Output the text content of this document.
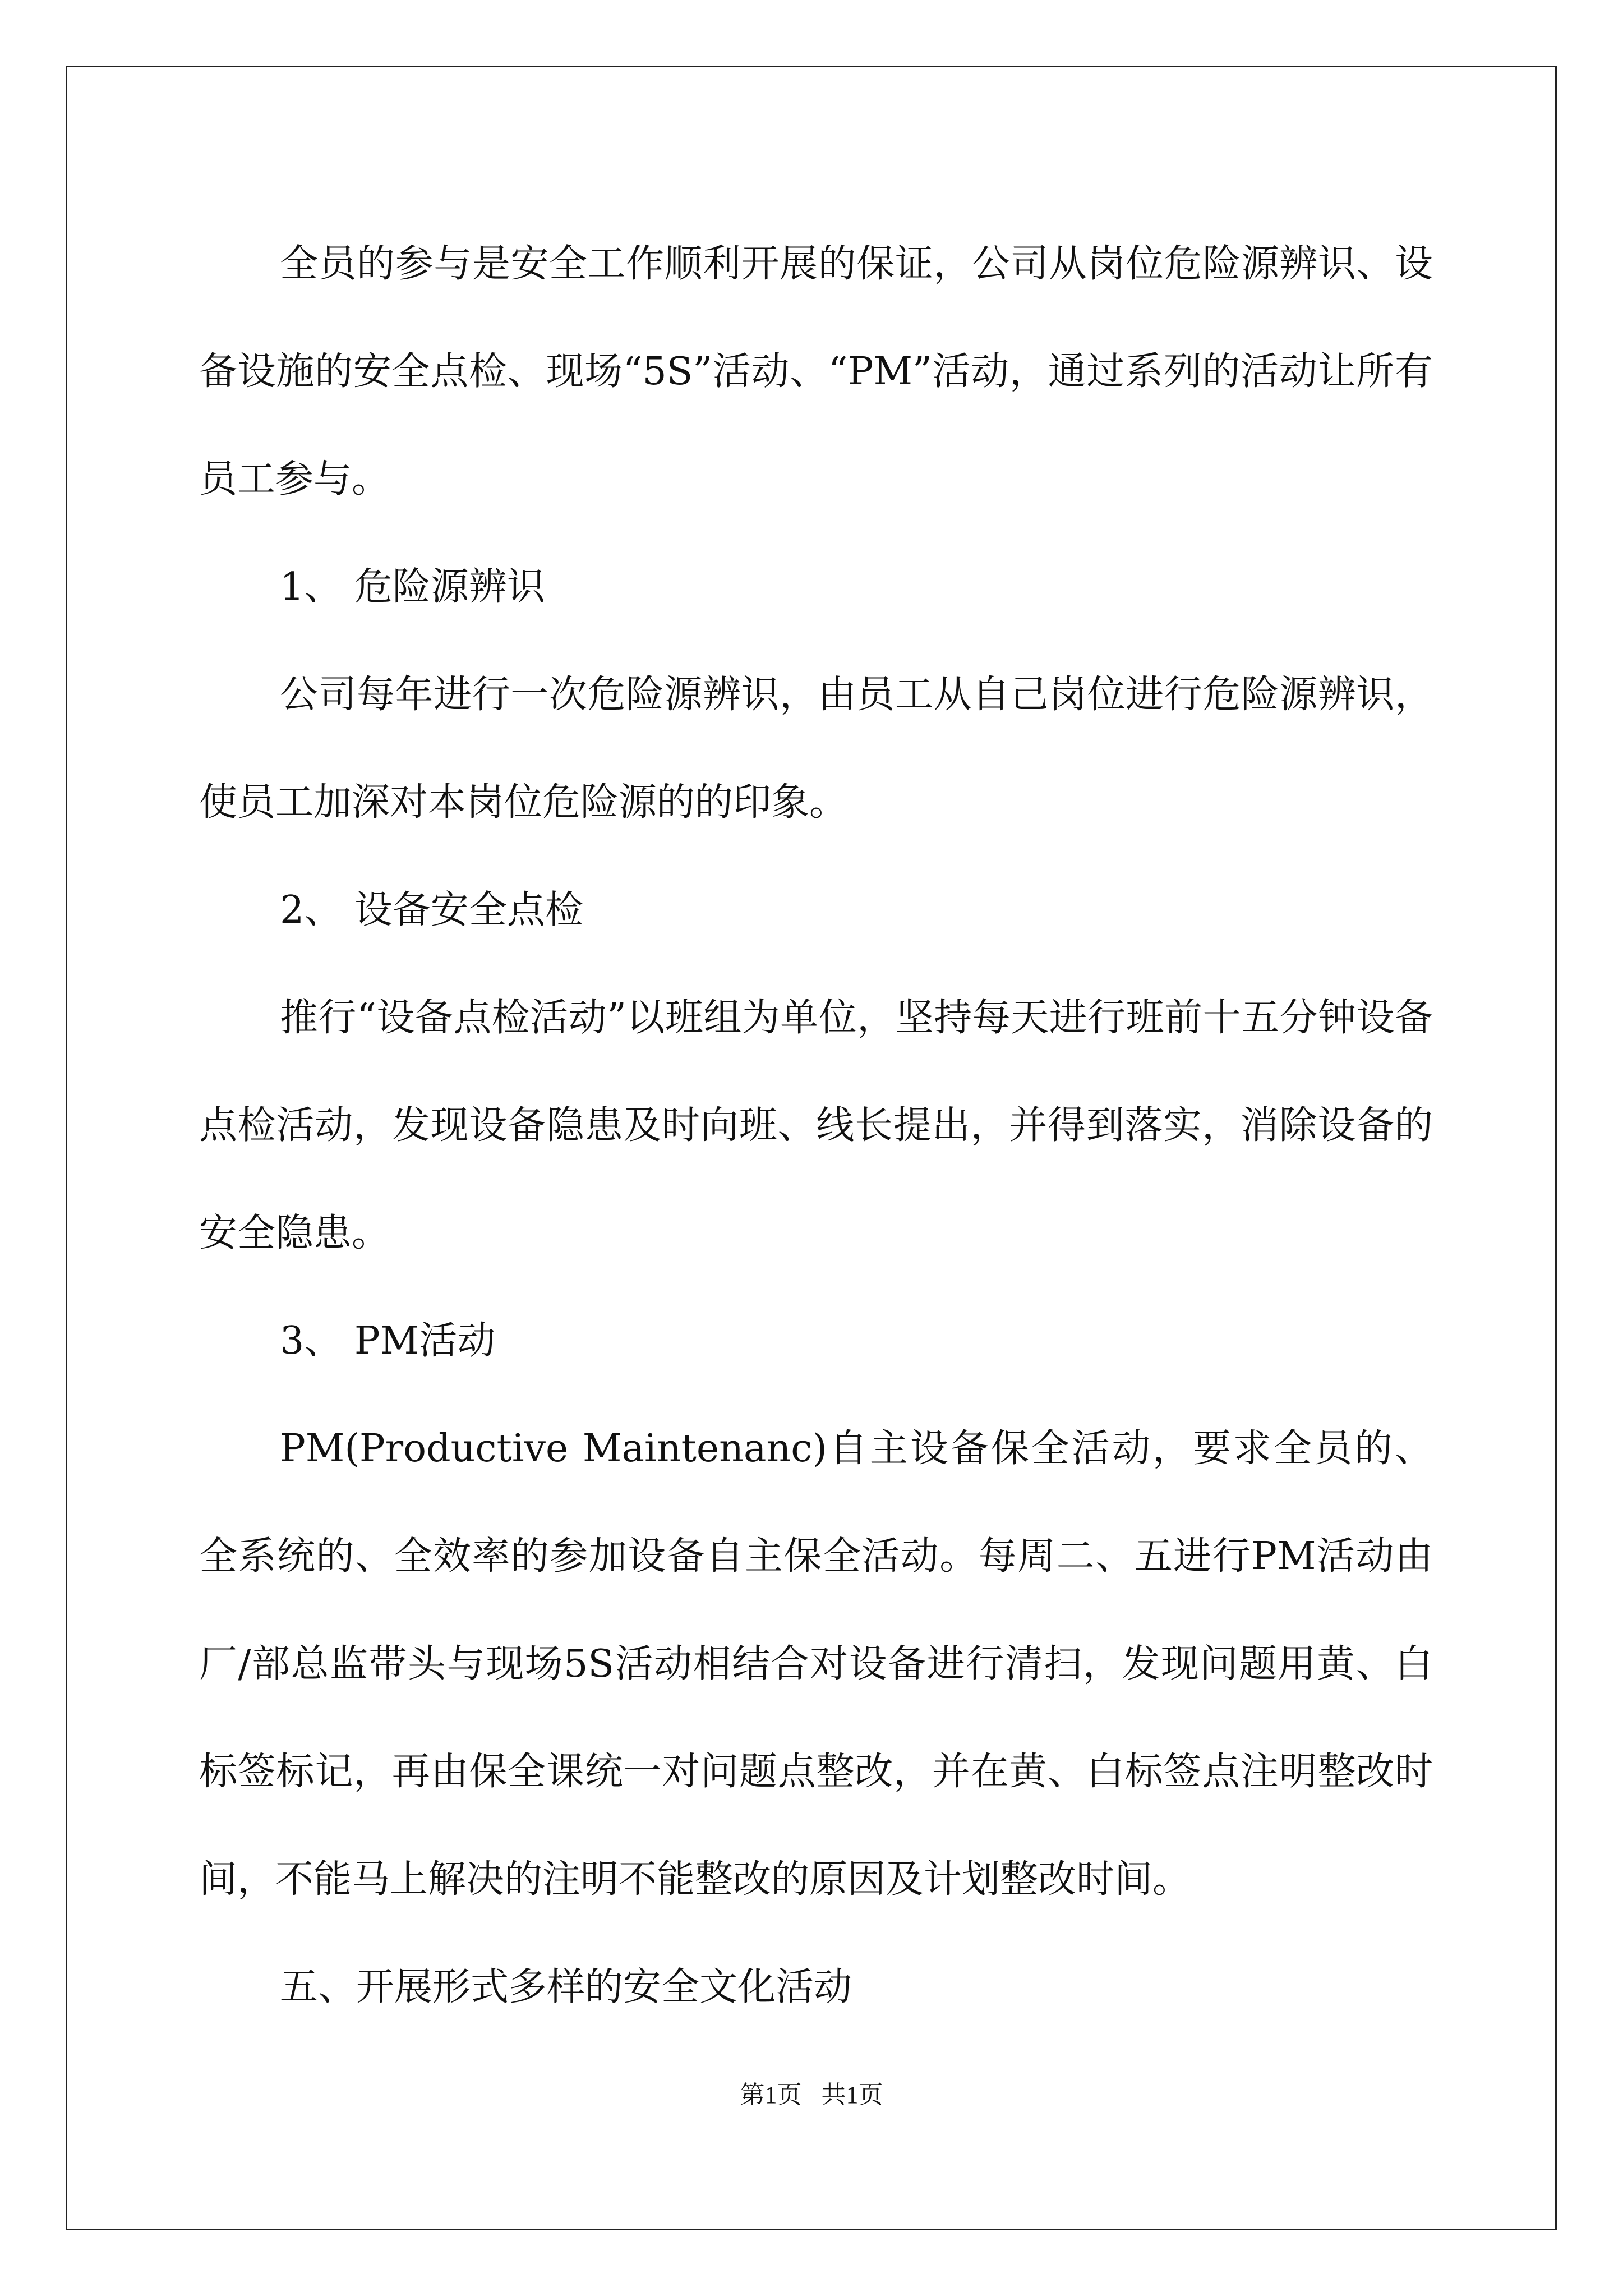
全员的参与是安全工作顺利开展的保证，公司从岗位危险源辨识、设备设施的安全点检、现场“5S”活动、“PM”活动，通过系列的活动让所有员工参与。

1、 危险源辨识

公司每年进行一次危险源辨识，由员工从自己岗位进行危险源辨识，使员工加深对本岗位危险源的的印象。

2、 设备安全点检

推行“设备点检活动”以班组为单位，坚持每天进行班前十五分钟设备点检活动，发现设备隐患及时向班、线长提出，并得到落实，消除设备的安全隐患。

3、 PM活动

PM(Productive Maintenanc)自主设备保全活动，要求全员的、全系统的、全效率的参加设备自主保全活动。每周二、五进行PM活动由厂/部总监带头与现场5S活动相结合对设备进行清扫，发现问题用黄、白标签标记，再由保全课统一对问题点整改，并在黄、白标签点注明整改时间，不能马上解决的注明不能整改的原因及计划整改时间。

五、开展形式多样的安全文化活动

第1页 共1页
